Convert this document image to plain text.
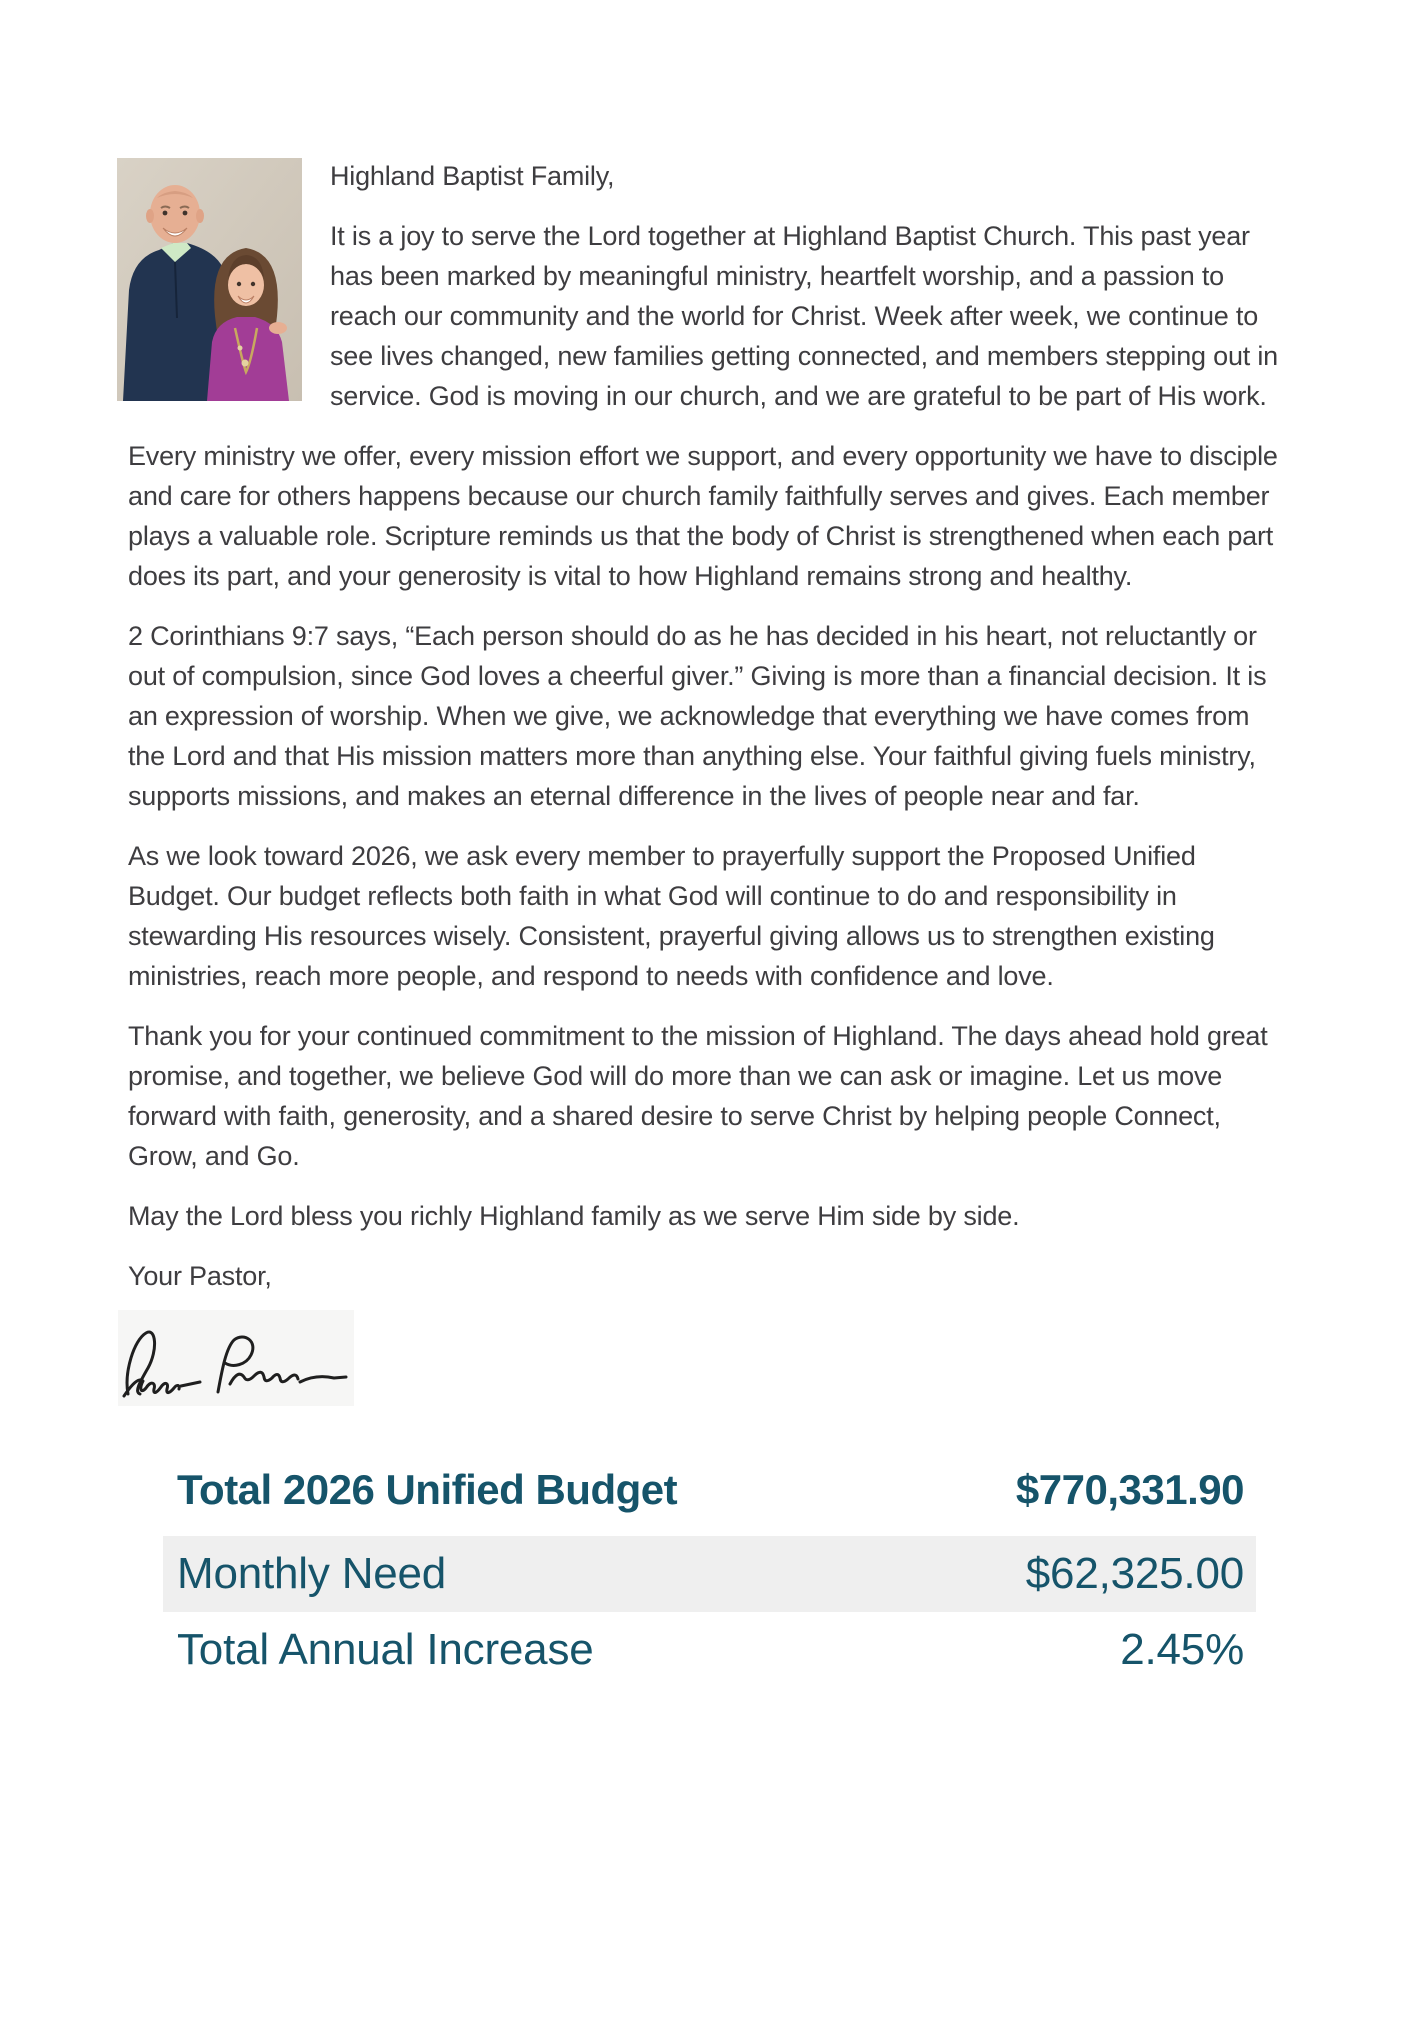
Highland Baptist Family,

It is a joy to serve the Lord together at Highland Baptist Church. This past year has been marked by meaningful ministry, heartfelt worship, and a passion to reach our community and the world for Christ. Week after week, we continue to see lives changed, new families getting connected, and members stepping out in service. God is moving in our church, and we are grateful to be part of His work.

Every ministry we offer, every mission effort we support, and every opportunity we have to disciple and care for others happens because our church family faithfully serves and gives. Each member plays a valuable role. Scripture reminds us that the body of Christ is strengthened when each part does its part, and your generosity is vital to how Highland remains strong and healthy.

2 Corinthians 9:7 says, “Each person should do as he has decided in his heart, not reluctantly or out of compulsion, since God loves a cheerful giver.” Giving is more than a financial decision. It is an expression of worship. When we give, we acknowledge that everything we have comes from the Lord and that His mission matters more than anything else. Your faithful giving fuels ministry, supports missions, and makes an eternal difference in the lives of people near and far.

As we look toward 2026, we ask every member to prayerfully support the Proposed Unified Budget. Our budget reflects both faith in what God will continue to do and responsibility in stewarding His resources wisely. Consistent, prayerful giving allows us to strengthen existing ministries, reach more people, and respond to needs with confidence and love.

Thank you for your continued commitment to the mission of Highland. The days ahead hold great promise, and together, we believe God will do more than we can ask or imagine. Let us move forward with faith, generosity, and a shared desire to serve Christ by helping people Connect, Grow, and Go.

May the Lord bless you richly Highland family as we serve Him side by side.

Your Pastor,

Total 2026 Unified Budget	$770,331.90
Monthly Need	$62,325.00
Total Annual Increase	2.45%
